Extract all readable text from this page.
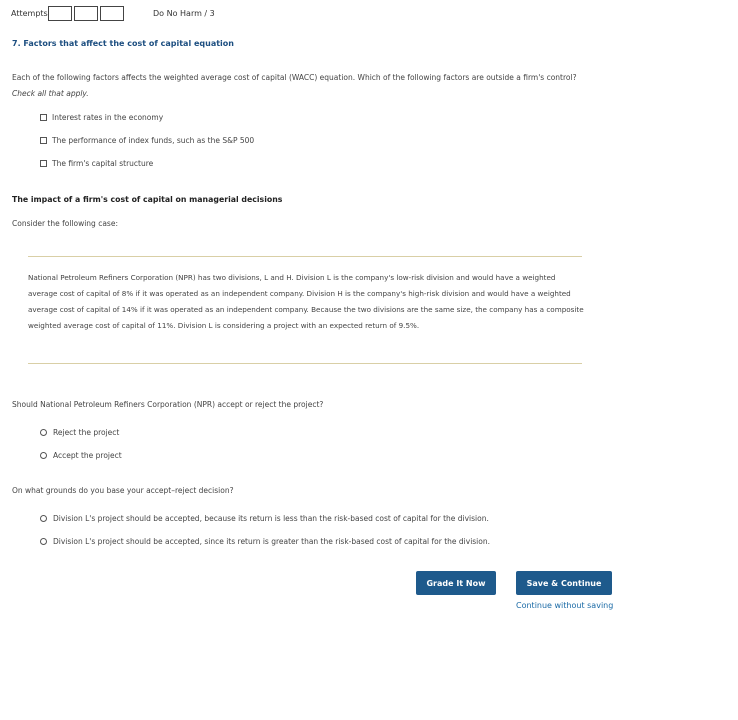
Attempts	Do No Harm / 3
7. Factors that affect the cost of capital equation
Each of the following factors affects the weighted average cost of capital (WACC) equation. Which of the following factors are outside a firm's control? Check all that apply.
Interest rates in the economy
The performance of index funds, such as the S&P 500
The firm's capital structure
The impact of a firm's cost of capital on managerial decisions
Consider the following case:
National Petroleum Refiners Corporation (NPR) has two divisions, L and H. Division L is the company's low-risk division and would have a weighted average cost of capital of 8% if it was operated as an independent company. Division H is the company's high-risk division and would have a weighted average cost of capital of 14% if it was operated as an independent company. Because the two divisions are the same size, the company has a composite weighted average cost of capital of 11%. Division L is considering a project with an expected return of 9.5%.
Should National Petroleum Refiners Corporation (NPR) accept or reject the project?
Reject the project
Accept the project
On what grounds do you base your accept–reject decision?
Division L's project should be accepted, because its return is less than the risk-based cost of capital for the division.
Division L's project should be accepted, since its return is greater than the risk-based cost of capital for the division.
Grade It Now	Save & Continue
Continue without saving
